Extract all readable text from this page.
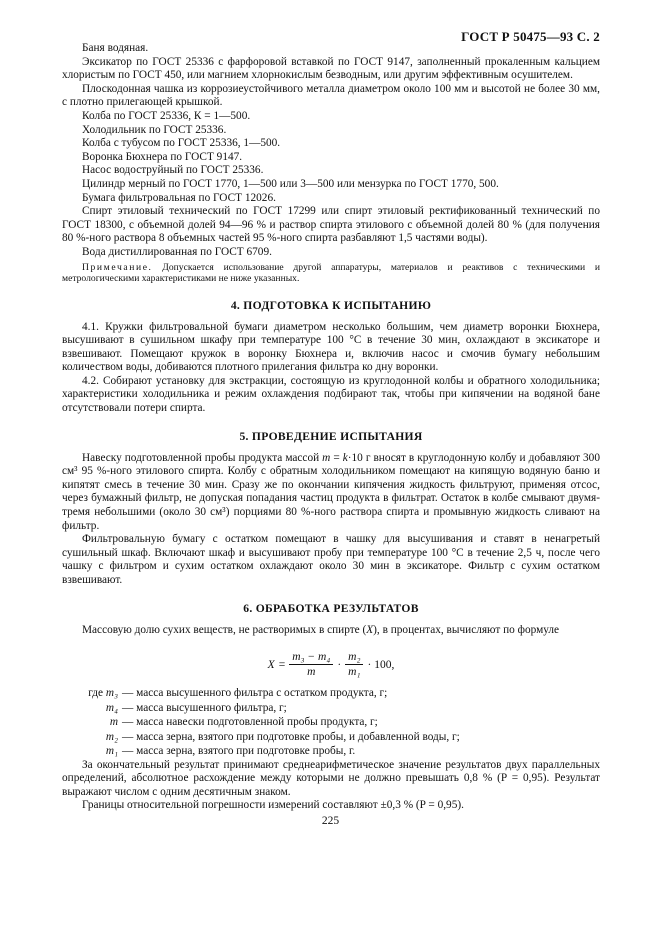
ГОСТ Р 50475—93 С. 2

Баня водяная.

Эксикатор по ГОСТ 25336 с фарфоровой вставкой по ГОСТ 9147, заполненный прокаленным кальцием хлористым по ГОСТ 450, или магнием хлорнокислым безводным, или другим эффективным осушителем.

Плоскодонная чашка из коррозиеустойчивого металла диаметром около 100 мм и высотой не более 30 мм, с плотно прилегающей крышкой.

Колба по ГОСТ 25336, К = 1—500.

Холодильник по ГОСТ 25336.

Колба с тубусом по ГОСТ 25336, 1—500.

Воронка Бюхнера по ГОСТ 9147.

Насос водоструйный по ГОСТ 25336.

Цилиндр мерный по ГОСТ 1770, 1—500 или 3—500 или мензурка по ГОСТ 1770, 500.

Бумага фильтровальная по ГОСТ 12026.

Спирт этиловый технический по ГОСТ 17299 или спирт этиловый ректификованный технический по ГОСТ 18300, с объемной долей 94—96 % и раствор спирта этилового с объемной долей 80 % (для получения 80 %-ного раствора 8 объемных частей 95 %-ного спирта разбавляют 1,5 частями воды).

Вода дистиллированная по ГОСТ 6709.

Примечание. Допускается использование другой аппаратуры, материалов и реактивов с техническими и метрологическими характеристиками не ниже указанных.

4. ПОДГОТОВКА К ИСПЫТАНИЮ

4.1. Кружки фильтровальной бумаги диаметром несколько большим, чем диаметр воронки Бюхнера, высушивают в сушильном шкафу при температуре 100 °С в течение 30 мин, охлаждают в эксикаторе и взвешивают. Помещают кружок в воронку Бюхнера и, включив насос и смочив бумагу небольшим количеством воды, добиваются плотного прилегания фильтра ко дну воронки.

4.2. Собирают установку для экстракции, состоящую из круглодонной колбы и обратного холодильника; характеристики холодильника и режим охлаждения подбирают так, чтобы при кипячении на водяной бане отсутствовали потери спирта.

5. ПРОВЕДЕНИЕ ИСПЫТАНИЯ

Навеску подготовленной пробы продукта массой m = k·10 г вносят в круглодонную колбу и добавляют 300 см³ 95 %-ного этилового спирта. Колбу с обратным холодильником помещают на кипящую водяную баню и кипятят смесь в течение 30 мин. Сразу же по окончании кипячения жидкость фильтруют, применяя отсос, через бумажный фильтр, не допуская попадания частиц продукта в фильтрат. Остаток в колбе смывают двумя-тремя небольшими (около 30 см³) порциями 80 %-ного раствора спирта и промывную жидкость сливают на фильтр.

Фильтровальную бумагу с остатком помещают в чашку для высушивания и ставят в ненагретый сушильный шкаф. Включают шкаф и высушивают пробу при температуре 100 °С в течение 2,5 ч, после чего чашку с фильтром и сухим остатком охлаждают около 30 мин в эксикаторе. Фильтр с сухим остатком взвешивают.

6. ОБРАБОТКА РЕЗУЛЬТАТОВ

Массовую долю сухих веществ, не растворимых в спирте (X), в процентах, вычисляют по формуле

$X = \frac{\text{m₃ − m₄}}{m} \cdot \frac{\text{m₂}}{\text{m₁}} \cdot 100$,
где m₃ — масса высушенного фильтра с остатком продукта, г;
m₄ — масса высушенного фильтра, г;
m — масса навески подготовленной пробы продукта, г;
m₂ — масса зерна, взятого при подготовке пробы, и добавленной воды, г;
m₁ — масса зерна, взятого при подготовке пробы, г.

За окончательный результат принимают среднеарифметическое значение результатов двух параллельных определений, абсолютное расхождение между которыми не должно превышать 0,8 % (P = 0,95). Результат выражают числом с одним десятичным знаком.

Границы относительной погрешности измерений составляют ±0,3 % (P = 0,95).

225
